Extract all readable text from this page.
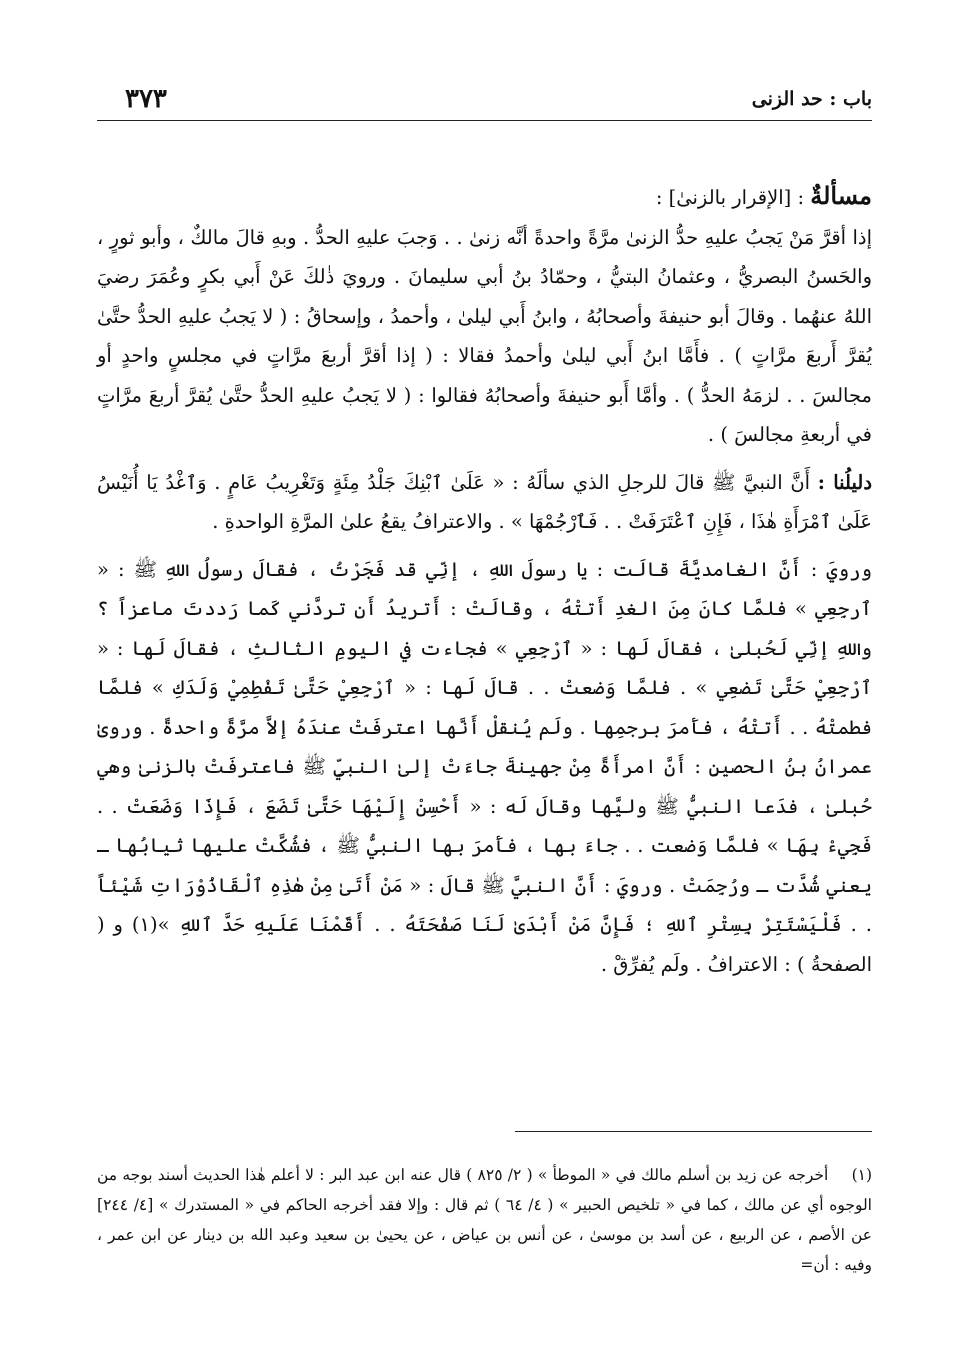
باب : حد الزنى
٣٧٣

مسألةٌ : [الإقرار بالزنىٰ] :

إذا أقرَّ مَنْ يَجبُ عليهِ حدُّ الزنىٰ مرَّةً واحدةً أنَّه زنىٰ . . وَجبَ عليهِ الحدُّ . وبهِ قالَ مالكٌ ، وأبو ثورٍ ، والحَسنُ البصريُّ ، وعثمانُ البتيُّ ، وحمّادُ بنُ أبي سليمانَ . ورويَ ذٰلكَ عَنْ أَبي بكرٍ وعُمَرَ رضيَ اللهُ عنهُما . وقالَ أبو حنيفةَ وأصحابُهُ ، وابنُ أَبي ليلىٰ ، وأحمدُ ، وإسحاقُ : ( لا يَجبُ عليهِ الحدُّ حتَّىٰ يُقرَّ أَربعَ مرَّاتٍ ) . فأَمَّا ابنُ أَبي ليلىٰ وأحمدُ فقالا : ( إذا أقرَّ أربعَ مرَّاتٍ في مجلسٍ واحدٍ أو مجالسَ . . لزمَهُ الحدُّ ) . وأمَّا أَبو حنيفةَ وأصحابُهُ فقالوا : ( لا يَجبُ عليهِ الحدُّ حتَّىٰ يُقرَّ أربعَ مرَّاتٍ في أربعةِ مجالسَ ) .

دليلُنا : أَنَّ النبيَّ ﷺ قالَ للرجلِ الذي سألَهُ : « عَلَىٰ ٱبْنِكَ جَلْدُ مِئَةٍ وَتَغْرِيبُ عَامٍ . وَٱغْدُ يَا أُنَيْسُ عَلَىٰ ٱمْرَأَةِ هٰذَا ، فَإِنِ ٱعْتَرَفَتْ . . فَٱرْجُمْهَا » . والاعترافُ يقعُ علىٰ المرَّةِ الواحدةِ .

ورويَ : أَنَّ الغامديَّةَ قالَت : يا رسولَ اللهِ ، إنِّي قد فَجَرْتُ ، فقالَ رسولُ اللهِ ﷺ : « ٱرجِعِي » فلمَّا كانَ مِنَ الغدِ أَتتْهُ ، وقالَتْ : أَتريدُ أَن تردَّني كَما رَددتَ ماعزاً ؟ واللهِ إنِّي لَحُبلىٰ ، فقالَ لَها : « ٱرْجِعِي » فجاءت في اليومِ الثالثِ ، فقالَ لَها : « ٱرْجِعِيْ حَتَّىٰ تَضعِي » . فلمَّا وَضعتْ . . قالَ لَها : « ٱرْجِعِيْ حَتَّىٰ تَفْطِمِيْ وَلَدَكِ » فلمَّا فطمتْهُ . . أَتتْهُ ، فأَمرَ برجمِها . ولَم يُنقلْ أَنَّها اعترفَتْ عندَهُ إلاَّ مرَّةً واحدةً . وروىٰ عمرانُ بنُ الحصينِ : أَنَّ امرأَةً مِنْ جهينةَ جاءَتْ إلىٰ النبيِّ ﷺ فاعترفَتْ بالزنىٰ وهي حُبلىٰ ، فدَعا النبيُّ ﷺ وليَّها وقالَ لَه : « أَحْسِنْ إِلَيْهَا حَتَّىٰ تَضَعَ ، فَإِذَا وَضَعَتْ . . فَجِيءْ بِهَا » فلمَّا وَضعت . . جاءَ بها ، فأَمرَ بها النبيُّ ﷺ ، فشُكَّتْ عليها ثيابُها ـ يعني شُدَّت ـ ورُجِمَتْ . ورويَ : أَنَّ النبيَّ ﷺ قالَ : « مَنْ أَتَىٰ مِنْ هٰذِهِ ٱلْقَاذُوْرَاتِ شَيْئاً . . فَلْيَسْتَتِرْ بِسِتْرِ ٱللهِ ؛ فَإِنَّ مَنْ أَبْدَىٰ لَنَا صَفْحَتَهُ . . أَقَمْنَا عَلَيهِ حَدَّ ٱللهِ »(١) و ( الصفحةُ ) : الاعترافُ . ولَم يُفرِّقْ .

(١) أخرجه عن زيد بن أسلم مالك في « الموطأ » ( ٢/ ٨٢٥ ) قال عنه ابن عبد البر : لا أعلم هٰذا الحديث أسند بوجه من الوجوه أي عن مالك ، كما في « تلخيص الحبير » ( ٤/ ٦٤ ) ثم قال : وإلا فقد أخرجه الحاكم في « المستدرك » [٤/ ٢٤٤] عن الأصم ، عن الربيع ، عن أسد بن موسىٰ ، عن أنس بن عياض ، عن يحيىٰ بن سعيد وعبد الله بن دينار عن ابن عمر ، وفيه : أن=
